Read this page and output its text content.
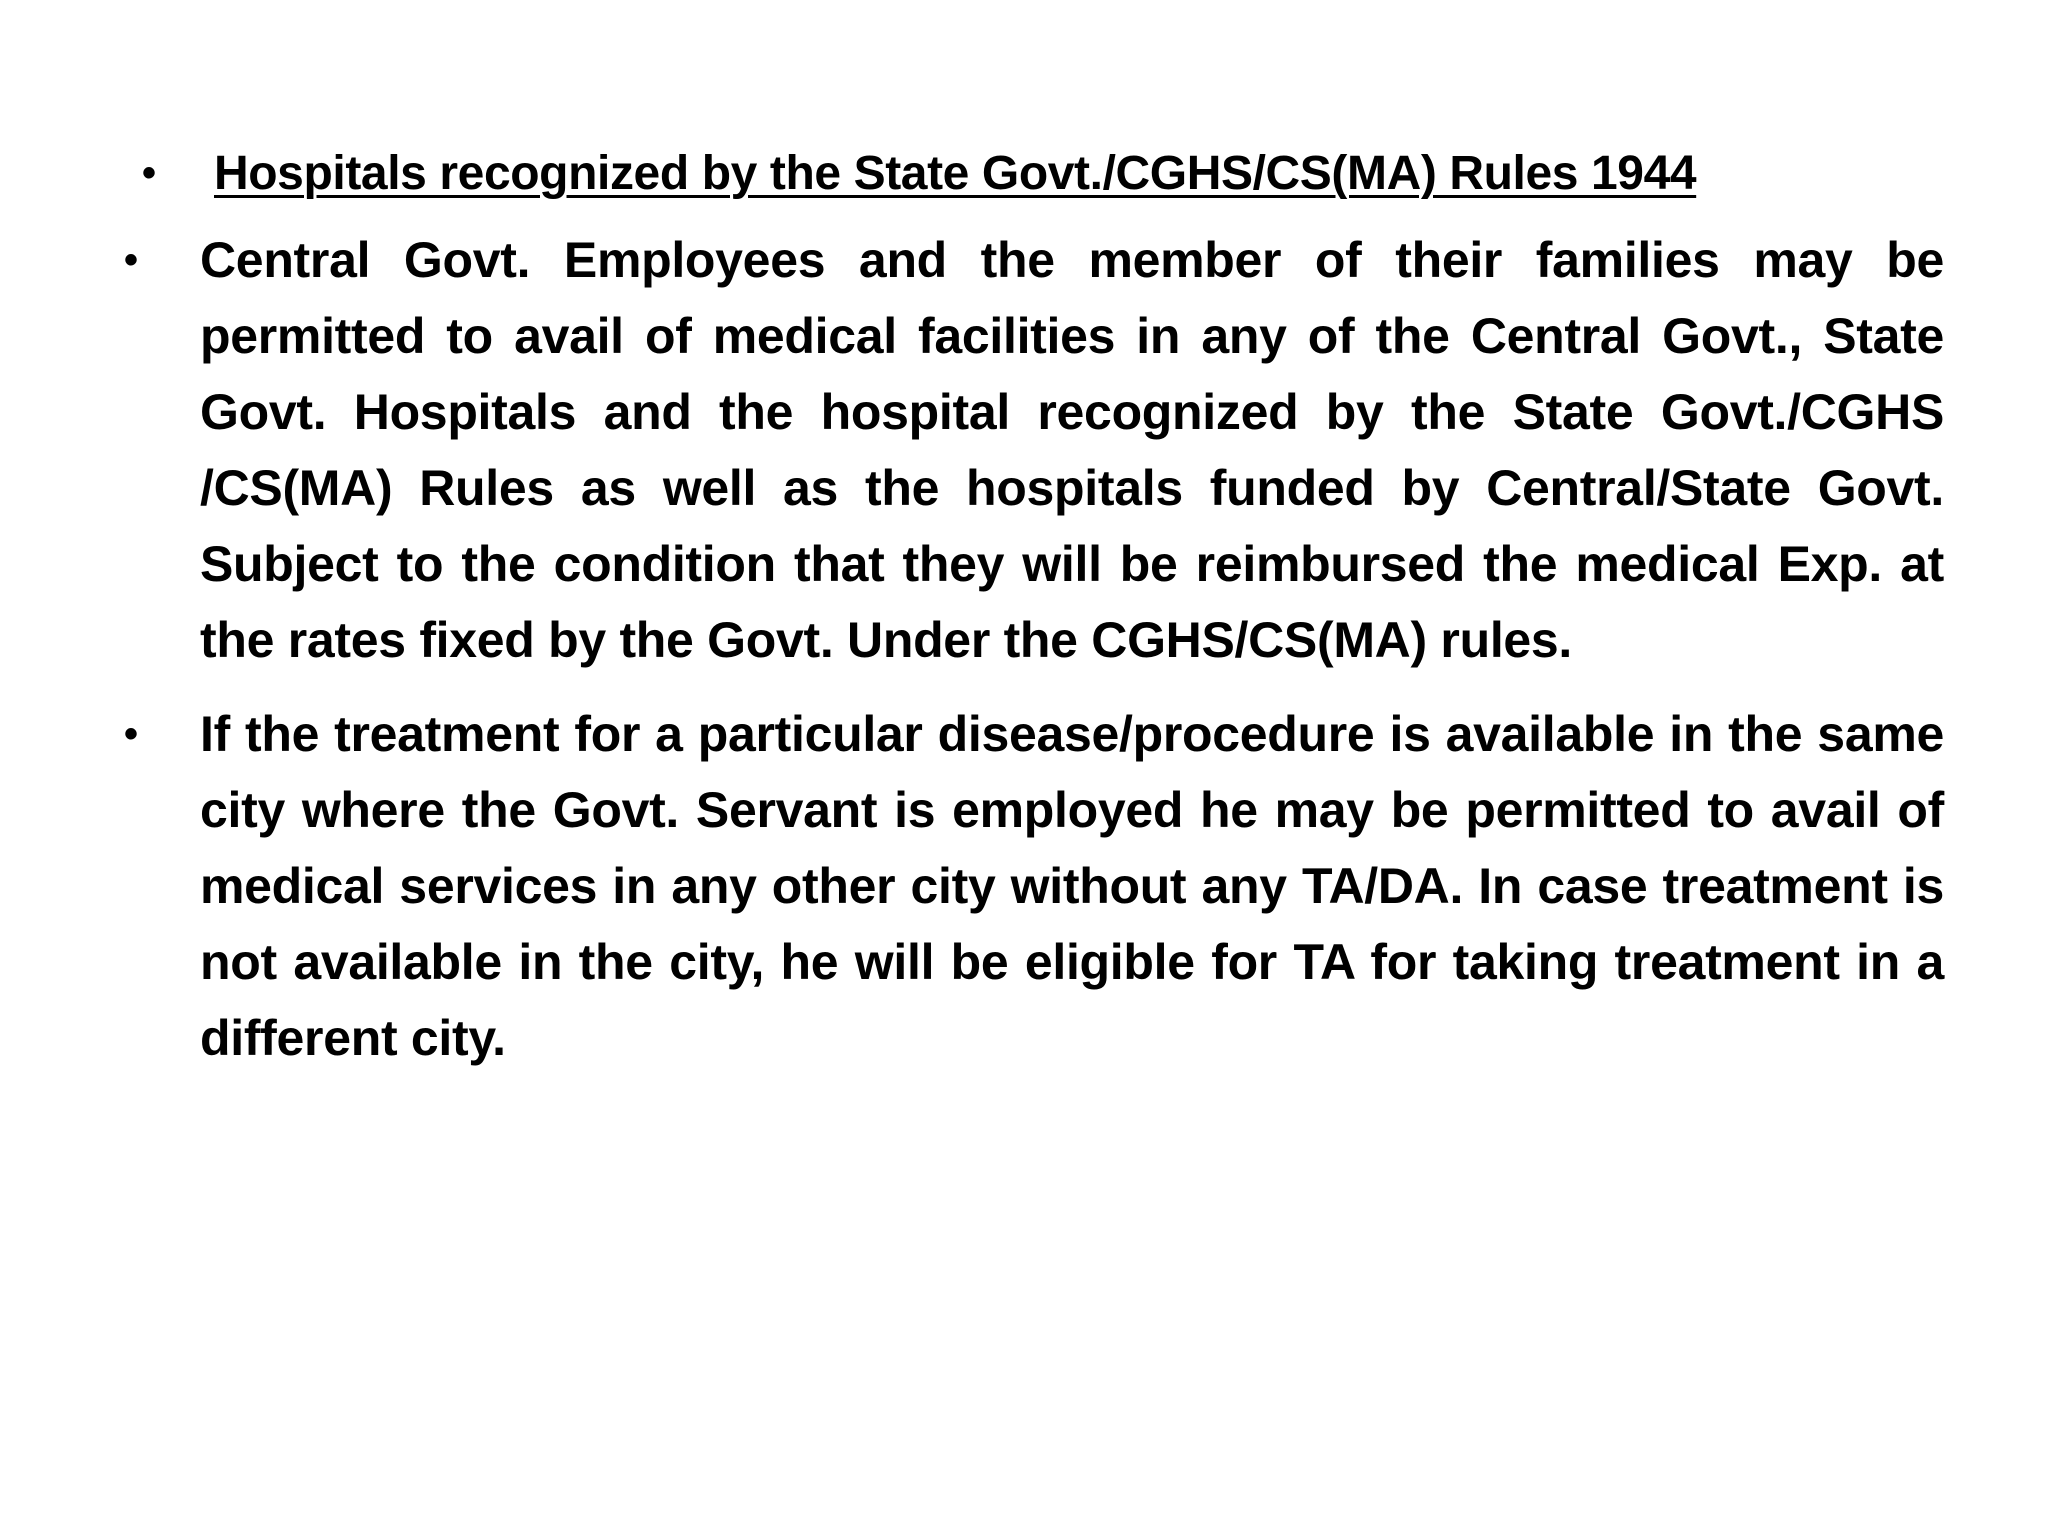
•	Hospitals recognized by the State Govt./CGHS/CS(MA) Rules 1944
•	Central Govt. Employees and the member of their families may be permitted to avail of medical facilities in any of the Central Govt., State Govt. Hospitals and the hospital recognized by the State Govt./CGHS /CS(MA) Rules as well as the hospitals funded by Central/State Govt. Subject to the condition that they will be reimbursed the medical Exp. at the rates fixed by the Govt. Under the CGHS/CS(MA) rules.
•	If the treatment for a particular disease/procedure is available in the same city where the Govt. Servant is employed he may be permitted to avail of medical services in any other city without any TA/DA. In case treatment is not available in the city, he will be eligible for TA for taking treatment in a different city.
